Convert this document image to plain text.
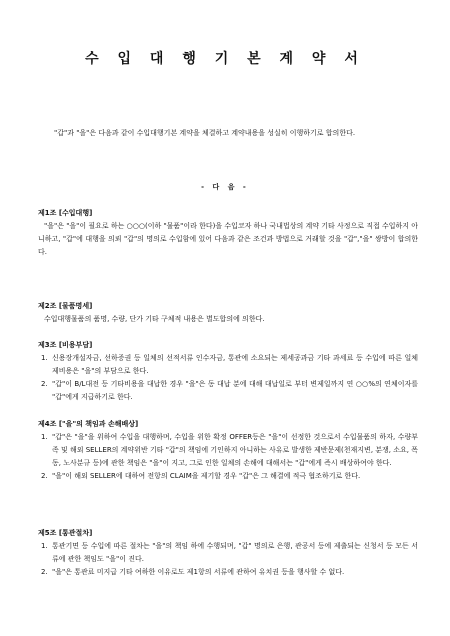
수 입 대 행 기 본 계 약 서
"갑"과 "을"은 다음과 같이 수입대행기본 계약을 체결하고 계약내용을 성실히 이행하기로 합의한다.
- 다 음 -
제1조 [수입대행]
"을"은 "을"이 필요로 하는 ○○○(이하 "물품"이라 한다)을 수입코자 하나 국내법상의 계약 기타 사정으로 직접 수입하지 아니하고, "갑"에 대행을 의뢰 "갑"의 명의로 수입함에 있어 다음과 같은 조건과 방법으로 거래할 것을 "갑","을" 쌍방이 합의한다.
제2조 [물품명세]
수입대행물품의 품명, 수량, 단가 기타 구체적 내용은 별도합의에 의한다.
제3조 [비용부담]
1. 신용장개설자금, 선하증권 등 일체의 선적서류 인수자금, 통관에 소요되는 제세공과금 기타 과세료 등 수입에 따른 일체 제비용은 "을"의 부담으로 한다.
2. "갑"이 B/L대전 등 기타비용을 대납한 경우 "을"은 동 대납 분에 대해 대납일로 부터 변제일까지 연 ○○%의 연체이자를 "갑"에게 지급하기로 한다.
제4조 ["을"의 책임과 손해배상]
1. "갑"은 "을"을 위하여 수입을 대행하며, 수입을 위한 확정 OFFER등은 "을"이 선정한 것으로서 수입물품의 하자, 수량부족 및 해외 SELLER의 계약위반 기타 "갑"의 책임에 기인하지 아니하는 사유로 발생한 제반문제(천재지변, 분쟁, 소요, 폭동, 노사분규 등)에 관한 책임은 "을"이 지고, 그로 인한 일체의 손해에 대해서는 "갑"에게 즉시 배상하여야 한다.
2. "을"이 해외 SELLER에 대하여 전항의 CLAIM을 제기할 경우 "갑"은 그 해결에 적극 협조하기로 한다.
제5조 [통관절차]
1. 통관기면 등 수입에 따른 절차는 "을"의 책임 하에 수행되며, "갑" 명의로 은행, 관공서 등에 제출되는 신청서 등 모든 서류에 관한 책임도 "을"이 진다.
2. "을"은 통관료 미지급 기타 여하한 이유로도 제1항의 서류에 관하여 유치권 등을 행사할 수 없다.
